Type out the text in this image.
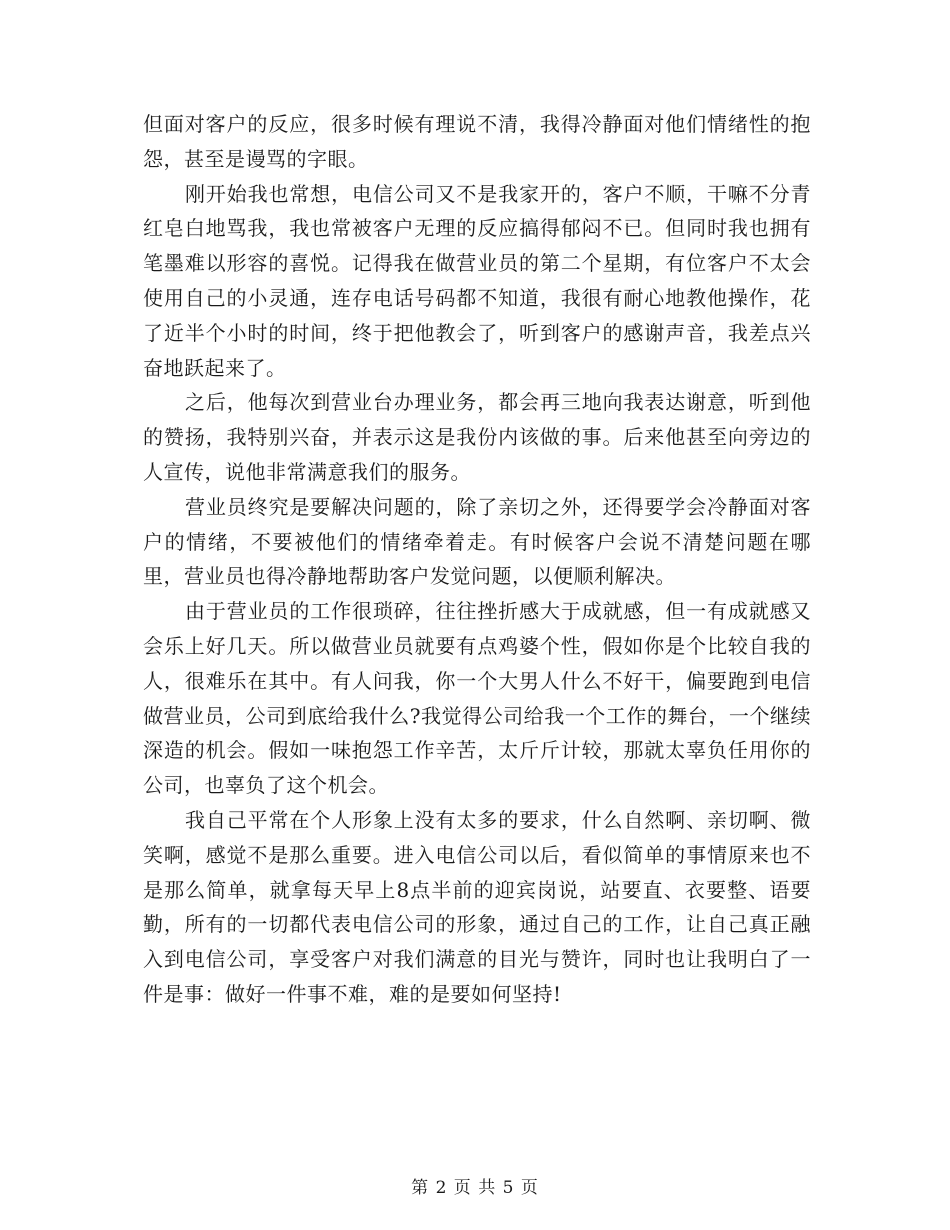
但面对客户的反应，很多时候有理说不清，我得冷静面对他们情绪性的抱怨，甚至是谩骂的字眼。

刚开始我也常想，电信公司又不是我家开的，客户不顺，干嘛不分青红皂白地骂我，我也常被客户无理的反应搞得郁闷不已。但同时我也拥有笔墨难以形容的喜悦。记得我在做营业员的第二个星期，有位客户不太会使用自己的小灵通，连存电话号码都不知道，我很有耐心地教他操作，花了近半个小时的时间，终于把他教会了，听到客户的感谢声音，我差点兴奋地跃起来了。

之后，他每次到营业台办理业务，都会再三地向我表达谢意，听到他的赞扬，我特别兴奋，并表示这是我份内该做的事。后来他甚至向旁边的人宣传，说他非常满意我们的服务。

营业员终究是要解决问题的，除了亲切之外，还得要学会冷静面对客户的情绪，不要被他们的情绪牵着走。有时候客户会说不清楚问题在哪里，营业员也得冷静地帮助客户发觉问题，以便顺利解决。

由于营业员的工作很琐碎，往往挫折感大于成就感，但一有成就感又会乐上好几天。所以做营业员就要有点鸡婆个性，假如你是个比较自我的人，很难乐在其中。有人问我，你一个大男人什么不好干，偏要跑到电信做营业员，公司到底给我什么?我觉得公司给我一个工作的舞台，一个继续深造的机会。假如一味抱怨工作辛苦，太斤斤计较，那就太辜负任用你的公司，也辜负了这个机会。

我自己平常在个人形象上没有太多的要求，什么自然啊、亲切啊、微笑啊，感觉不是那么重要。进入电信公司以后，看似简单的事情原来也不是那么简单，就拿每天早上8点半前的迎宾岗说，站要直、衣要整、语要勤，所有的一切都代表电信公司的形象，通过自己的工作，让自己真正融入到电信公司，享受客户对我们满意的目光与赞许，同时也让我明白了一件是事：做好一件事不难，难的是要如何坚持!

第 2 页 共 5 页
